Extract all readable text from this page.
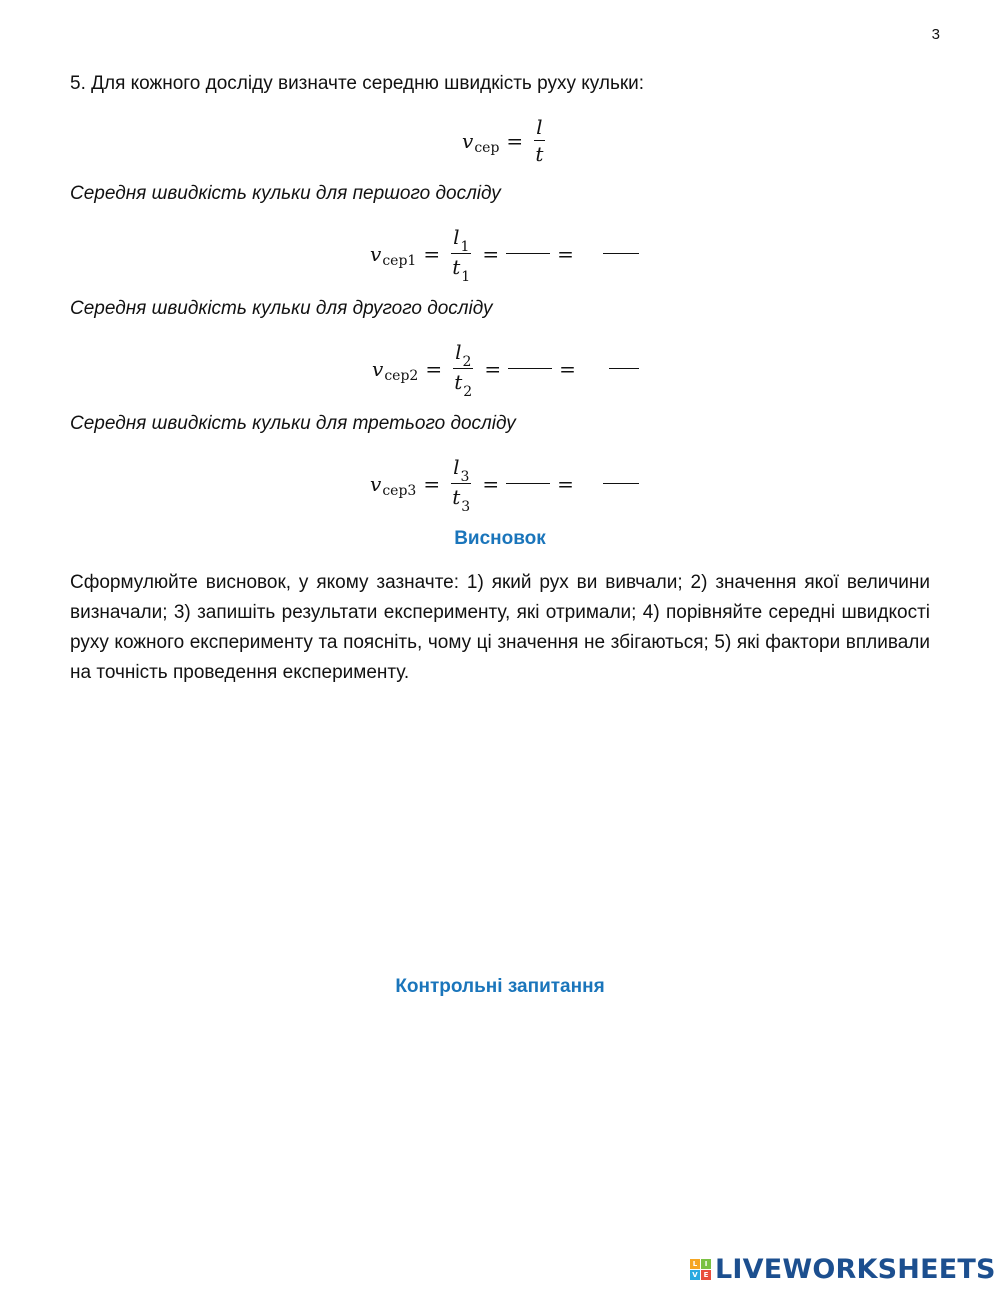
3
5. Для кожного досліду визначте середню швидкість руху кульки:
v сер = $\frac{l}{t}$
Середня швидкість кульки для першого досліду
v $сер1 = \frac{l_1}{t_1}$ =	=
Середня швидкість кульки для другого досліду
v $сер2 = \frac{l_2}{t_2}$ =	=
Середня швидкість кульки для третього досліду
v $сер3 = \frac{l_3}{t_3}$ =	=
Висновок
Сформулюйте висновок, у якому зазначте: 1) який рух ви вивчали; 2) значення якої величини визначали; 3) запишіть результати експерименту, які отримали; 4) порівняйте середні швидкості руху кожного експерименту та поясніть, чому ці значення не збігаються; 5) які фактори впливали на точність проведення експерименту.
Контрольні запитання
L	I
V E LIVEWORKSHEETS
